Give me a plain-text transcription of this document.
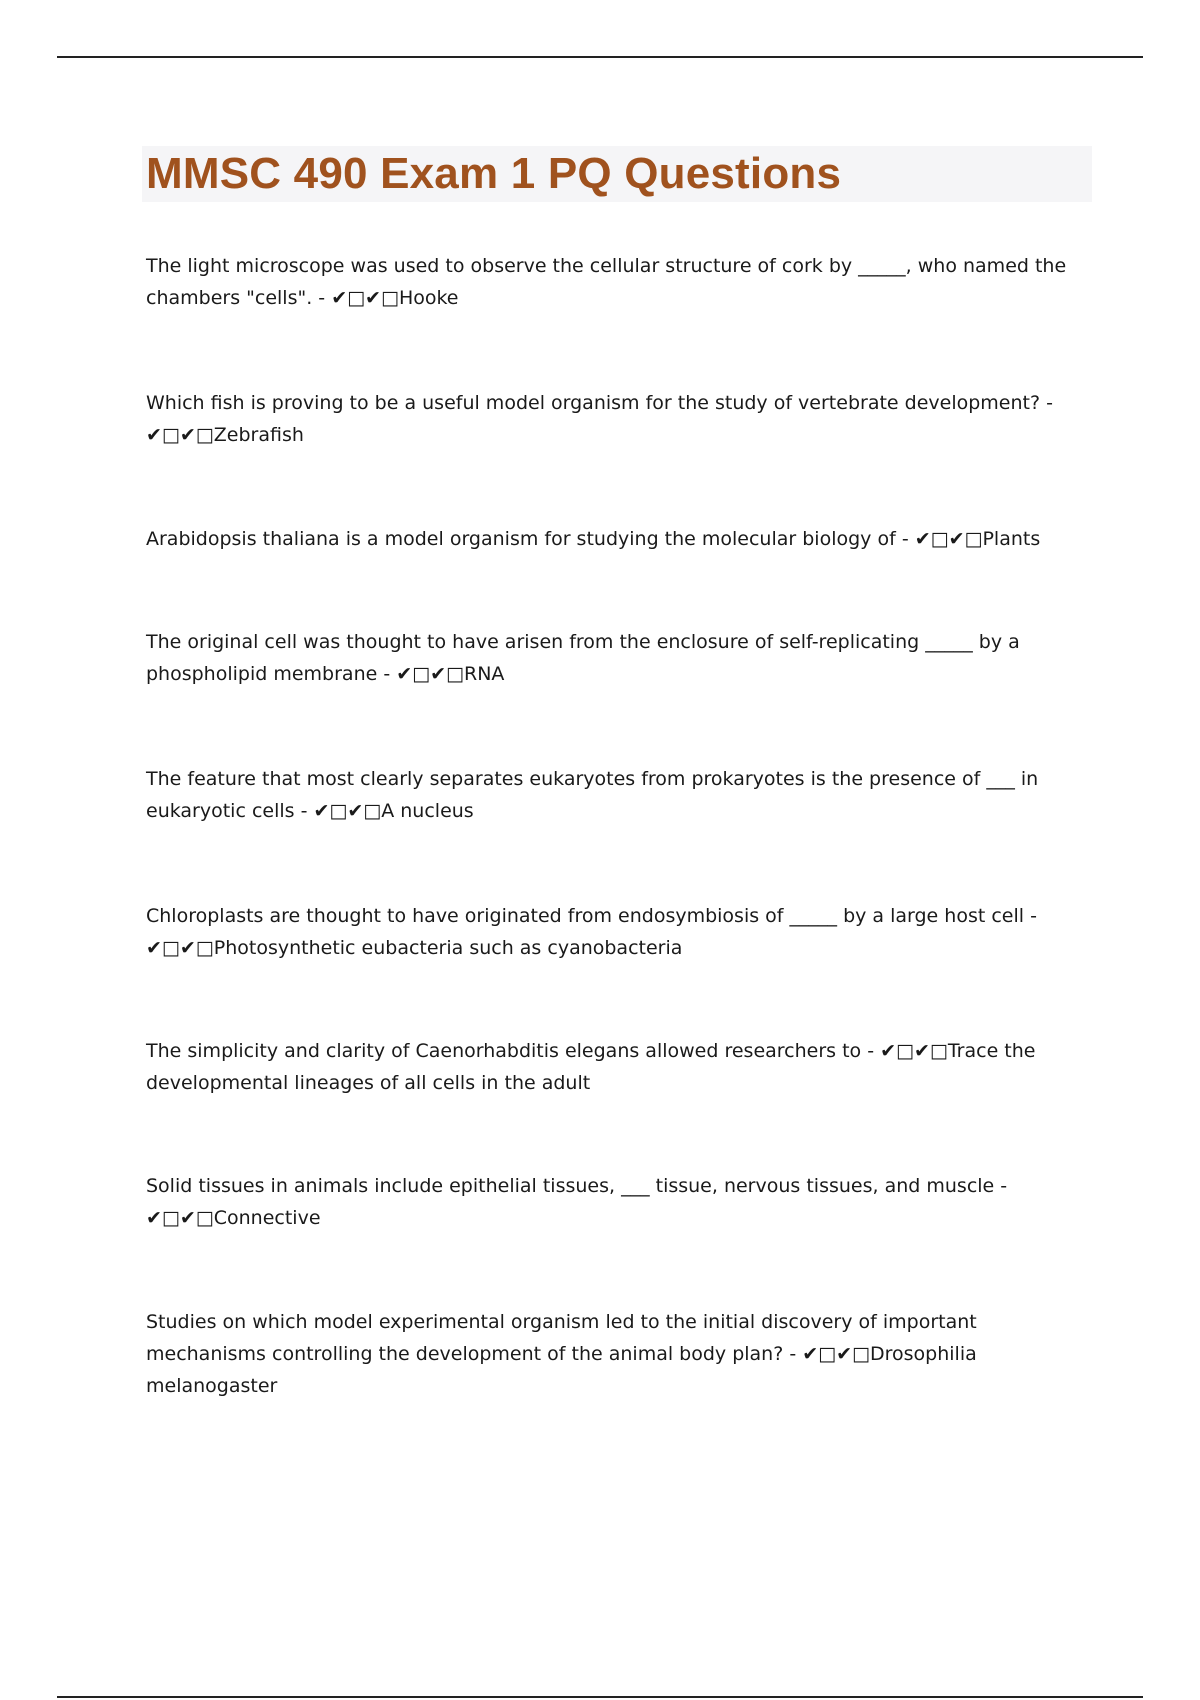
MMSC 490 Exam 1 PQ Questions
The light microscope was used to observe the cellular structure of cork by _____, who named the chambers "cells". - ✔□✔□Hooke
Which fish is proving to be a useful model organism for the study of vertebrate development? - ✔□✔□Zebrafish
Arabidopsis thaliana is a model organism for studying the molecular biology of - ✔□✔□Plants
The original cell was thought to have arisen from the enclosure of self-replicating _____ by a phospholipid membrane - ✔□✔□RNA
The feature that most clearly separates eukaryotes from prokaryotes is the presence of ___ in eukaryotic cells - ✔□✔□A nucleus
Chloroplasts are thought to have originated from endosymbiosis of _____ by a large host cell - ✔□✔□Photosynthetic eubacteria such as cyanobacteria
The simplicity and clarity of Caenorhabditis elegans allowed researchers to - ✔□✔□Trace the developmental lineages of all cells in the adult
Solid tissues in animals include epithelial tissues, ___ tissue, nervous tissues, and muscle - ✔□✔□Connective
Studies on which model experimental organism led to the initial discovery of important mechanisms controlling the development of the animal body plan? - ✔□✔□Drosophilia melanogaster
